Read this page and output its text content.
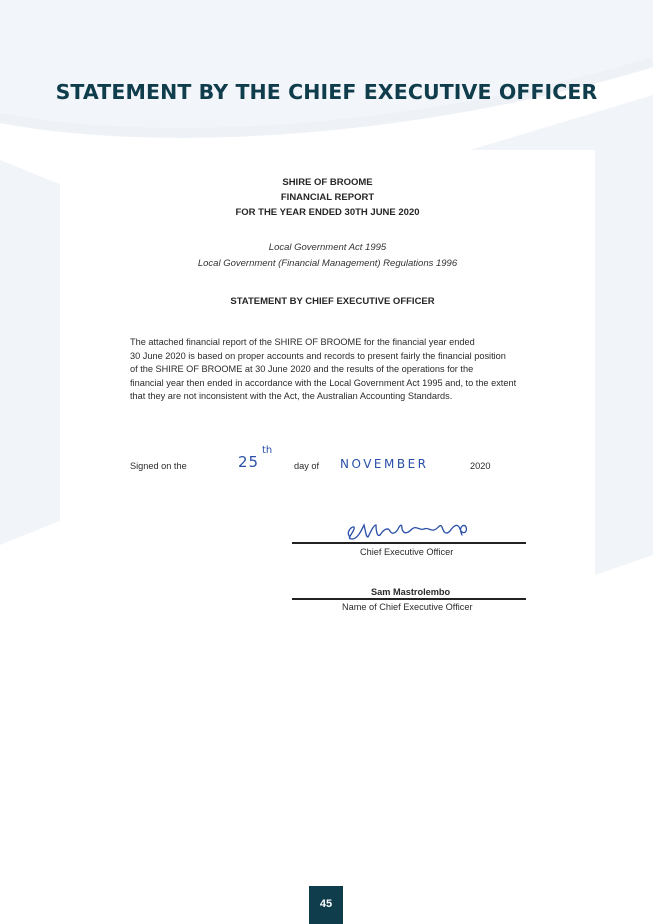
STATEMENT BY THE CHIEF EXECUTIVE OFFICER
SHIRE OF BROOME
FINANCIAL REPORT
FOR THE YEAR ENDED 30TH JUNE 2020
Local Government Act 1995
Local Government (Financial Management) Regulations 1996
STATEMENT BY CHIEF EXECUTIVE OFFICER
The attached financial report of the SHIRE OF BROOME for the financial year ended
30 June 2020 is based on proper accounts and records to present fairly the financial position
of the SHIRE OF BROOME at 30 June 2020 and the results of the operations for the
financial year then ended in accordance with the Local Government Act 1995 and, to the extent
that they are not inconsistent with the Act, the Australian Accounting Standards.
Signed on the	25
th
day of NOVEMBER	2020
Chief Executive Officer
Sam Mastrolembo
Name of Chief Executive Officer
45
